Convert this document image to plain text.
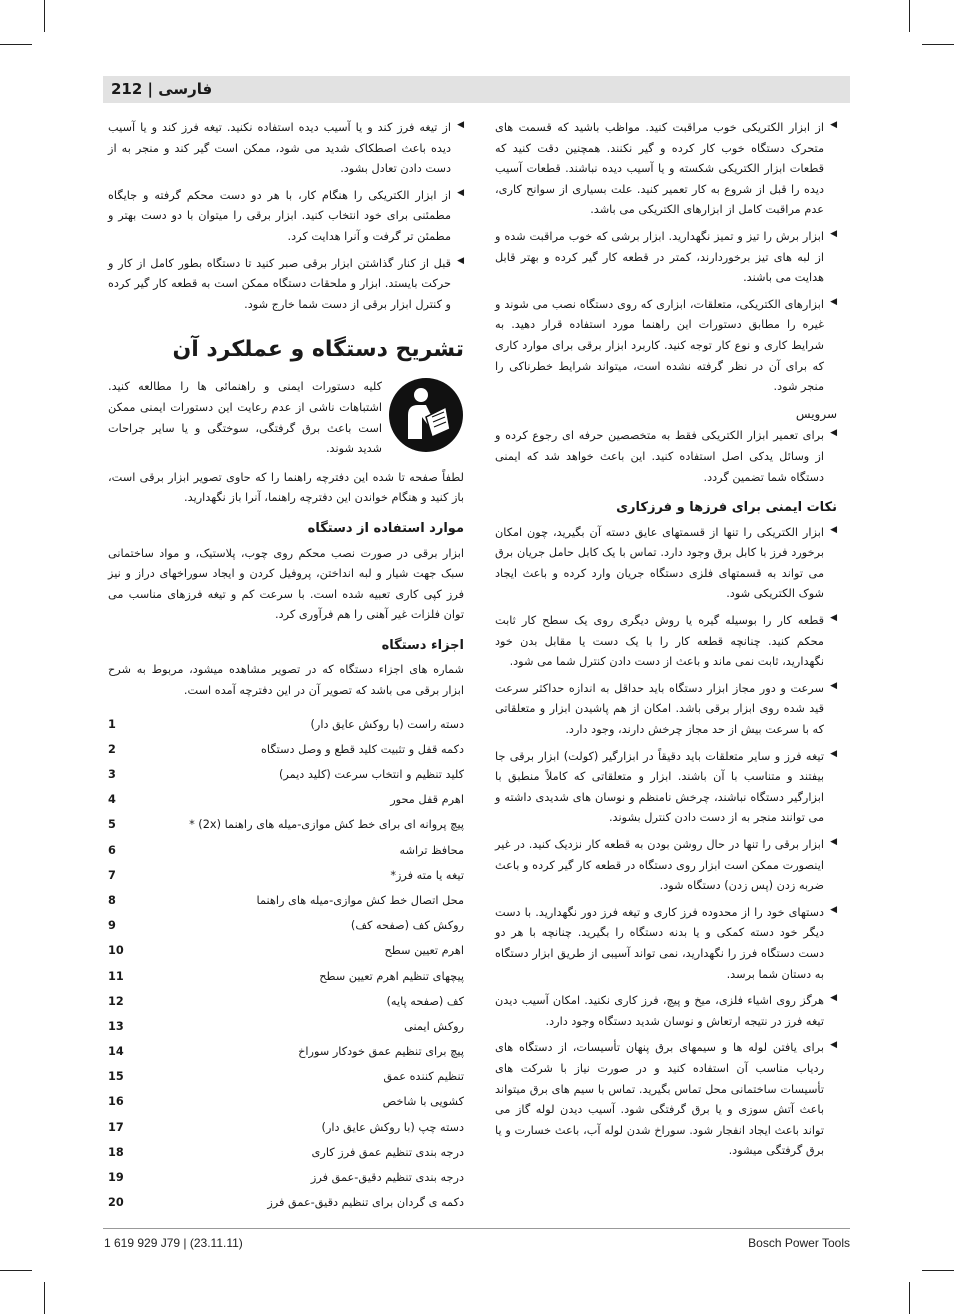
212 | فارسی
◀
از ابزار الکتریکی خوب مراقبت کنید. مواظب باشید که قسمت های متحرک دستگاه خوب کار کرده و گیر نکنند. همچنین دقت کنید که قطعات ابزار الکتریکی شکسته و یا آسیب دیده نباشند. قطعات آسیب دیده را قبل از شروع به کار تعمیر کنید. علت بسیاری از سوانح کاری، عدم مراقبت کامل از ابزارهای الکتریکی می باشد.
◀
ابزار برش را تیز و تمیز نگهدارید. ابزار برشی که خوب مراقبت شده و از لبه های تیز برخوردارند، کمتر در قطعه کار گیر کرده و بهتر قابل هدایت می باشند.
◀
ابزارهای الکتریکی، متعلقات، ابزاری که روی دستگاه نصب می شوند و غیره را مطابق دستورات این راهنما مورد استفاده قرار دهید. به شرایط کاری و نوع کار توجه کنید. کاربرد ابزار برقی برای موارد کاری که برای آن در نظر گرفته نشده است، میتواند شرایط خطرناکی را منجر شود.
سرویس
◀
برای تعمیر ابزار الکتریکی فقط به متخصصین حرفه ای رجوع کرده و از وسائل یدکی اصل استفاده کنید. این باعث خواهد شد که ایمنی دستگاه شما تضمین گردد.
نکات ایمنی برای فرزها و فرزکاری
◀
ابزار الکتریکی را تنها از قسمتهای عایق دسته آن بگیرید، چون امکان برخورد فرز با کابل برق وجود دارد. تماس با یک کابل حامل جریان برق می تواند به قسمتهای فلزی دستگاه جریان وارد کرده و باعث ایجاد شوک الکتریکی شود.
◀
قطعه کار را بوسیله گیره یا روش دیگری روی یک سطح کار ثابت محکم کنید. چنانچه قطعه کار را با یک دست یا مقابل بدن خود نگهدارید، ثابت نمی ماند و باعث از دست دادن کنترل شما می شود.
◀
سرعت و دور مجاز ابزار دستگاه باید حداقل به اندازه حداکثر سرعت قید شده روی ابزار برقی باشد. امکان از هم پاشیدن ابزار و متعلقاتی که با سرعت بیش از حد مجاز چرخش دارند، وجود دارد.
◀
تیغه فرز و سایر متعلقات باید دقیقاً در ابزارگیر (کولت) ابزار برقی جا بیفتند و متناسب با آن باشند. ابزار و متعلقاتی که کاملاً منطبق با ابزارگیر دستگاه نباشند، چرخش نامنظم و نوسان های شدیدی داشته و می توانند منجر به از دست دادن کنترل بشوند.
◀
ابزار برقی را تنها در حال روشن بودن به قطعه کار نزدیک کنید. در غیر اینصورت ممکن است ابزار روی دستگاه در قطعه کار گیر کرده و باعث ضربه زدن (پس زدن) دستگاه شود.
◀
دستهای خود را از محدوده فرز کاری و تیغه فرز دور نگهدارید. با دست دیگر خود دسته کمکی و یا بدنه دستگاه را بگیرید. چنانچه با هر دو دست دستگاه فرز را نگهدارید، نمی تواند آسیبی از طریق ابزار دستگاه به دستان شما برسد.
◀
هرگز روی اشیاء فلزی، میخ و پیچ، فرز کاری نکنید. امکان آسیب دیدن تیغه فرز در نتیجه ارتعاش و نوسان شدید دستگاه وجود دارد.
◀
برای یافتن لوله ها و سیمهای برق پنهان تأسیسات، از دستگاه های ردیاب مناسب آن استفاده کنید و در صورت نیاز با شرکت های تأسیسات ساختمانی محل تماس بگیرید. تماس با سیم های برق میتواند باعث آتش سوزی و یا برق گرفتگی شود. آسیب دیدن لوله گاز می تواند باعث ایجاد انفجار شود. سوراخ شدن لوله آب، باعث خسارت و یا برق گرفتگی میشود.
◀
از تیغه فرز کند و یا آسیب دیده استفاده نکنید. تیغه فرز کند و یا آسیب دیده باعث اصطکاک شدید می شود، ممکن است گیر کند و منجر به از دست دادن تعادل بشود.
◀
از ابزار الکتریکی را هنگام کار، با هر دو دست محکم گرفته و جایگاه مطمئنی برای خود انتخاب کنید. ابزار برقی را میتوان با دو دست بهتر و مطمئن تر گرفت و آنرا هدایت کرد.
◀
قبل از کنار گذاشتن ابزار برقی صبر کنید تا دستگاه بطور کامل از کار و حرکت بایستد. ابزار و ملحقات دستگاه ممکن است به قطعه کار گیر کرده و کنترل ابزار برقی از دست شما خارج شود.
تشریح دستگاه و عملکرد آن
کلیه دستورات ایمنی و راهنمائی ها را مطالعه کنید. اشتباهات ناشی از عدم رعایت این دستورات ایمنی ممکن است باعث برق گرفتگی، سوختگی و یا سایر جراحات شدید شوند.
لطفاً صفحه تا شده این دفترچه راهنما را که حاوی تصویر ابزار برقی است، باز کنید و هنگام خواندن این دفترچه راهنما، آنرا باز نگهدارید.
موارد استفاده از دستگاه
ابزار برقی در صورت نصب محکم روی چوب، پلاستیک، و مواد ساختمانی سبک جهت شیار و لبه انداختن، پروفیل کردن و ایجاد سوراخهای دراز و نیز فرز کپی کاری تعبیه شده است. با سرعت کم و تیغه فرزهای مناسب می توان فلزات غیر آهنی را هم فرآوری کرد.
اجزاء دستگاه
شماره های اجزاء دستگاه که در تصویر مشاهده میشود، مربوط به شرح ابزار برقی می باشد که تصویر آن در این دفترچه آمده است.
1	دسته راست (با روکش عایق دار)
2	دکمه قفل و تثبیت کلید قطع و وصل دستگاه
3	کلید تنظیم و انتخاب سرعت (کلید دیمر)
4	اهرم قفل محور
5	پیچ پروانه ای برای خط کش موازی-میله های راهنما (2x) *
6	محافظ تراشه
7	تیغه یا مته فرز*
8	محل اتصال خط کش موازی-میله های راهنما
9	روکش کف (صفحه کف)
10	اهرم تعیین سطح
11	پیچهای تنظیم اهرم تعیین سطح
12	کف (صفحه پایه)
13	روکش ایمنی
14	پیچ برای تنظیم عمق خودکار سوراخ
15	تنظیم کننده عمق
16	کشویی با شاخص
17	دسته چپ (با روکش عایق دار)
18	درجه بندی تنظیم عمق فرز کاری
19	درجه بندی تنظیم دقیق-عمق فرز
20	دکمه ی گردان برای تنظیم دقیق-عمق فرز
1 619 929 J79 | (23.11.11)	Bosch Power Tools
